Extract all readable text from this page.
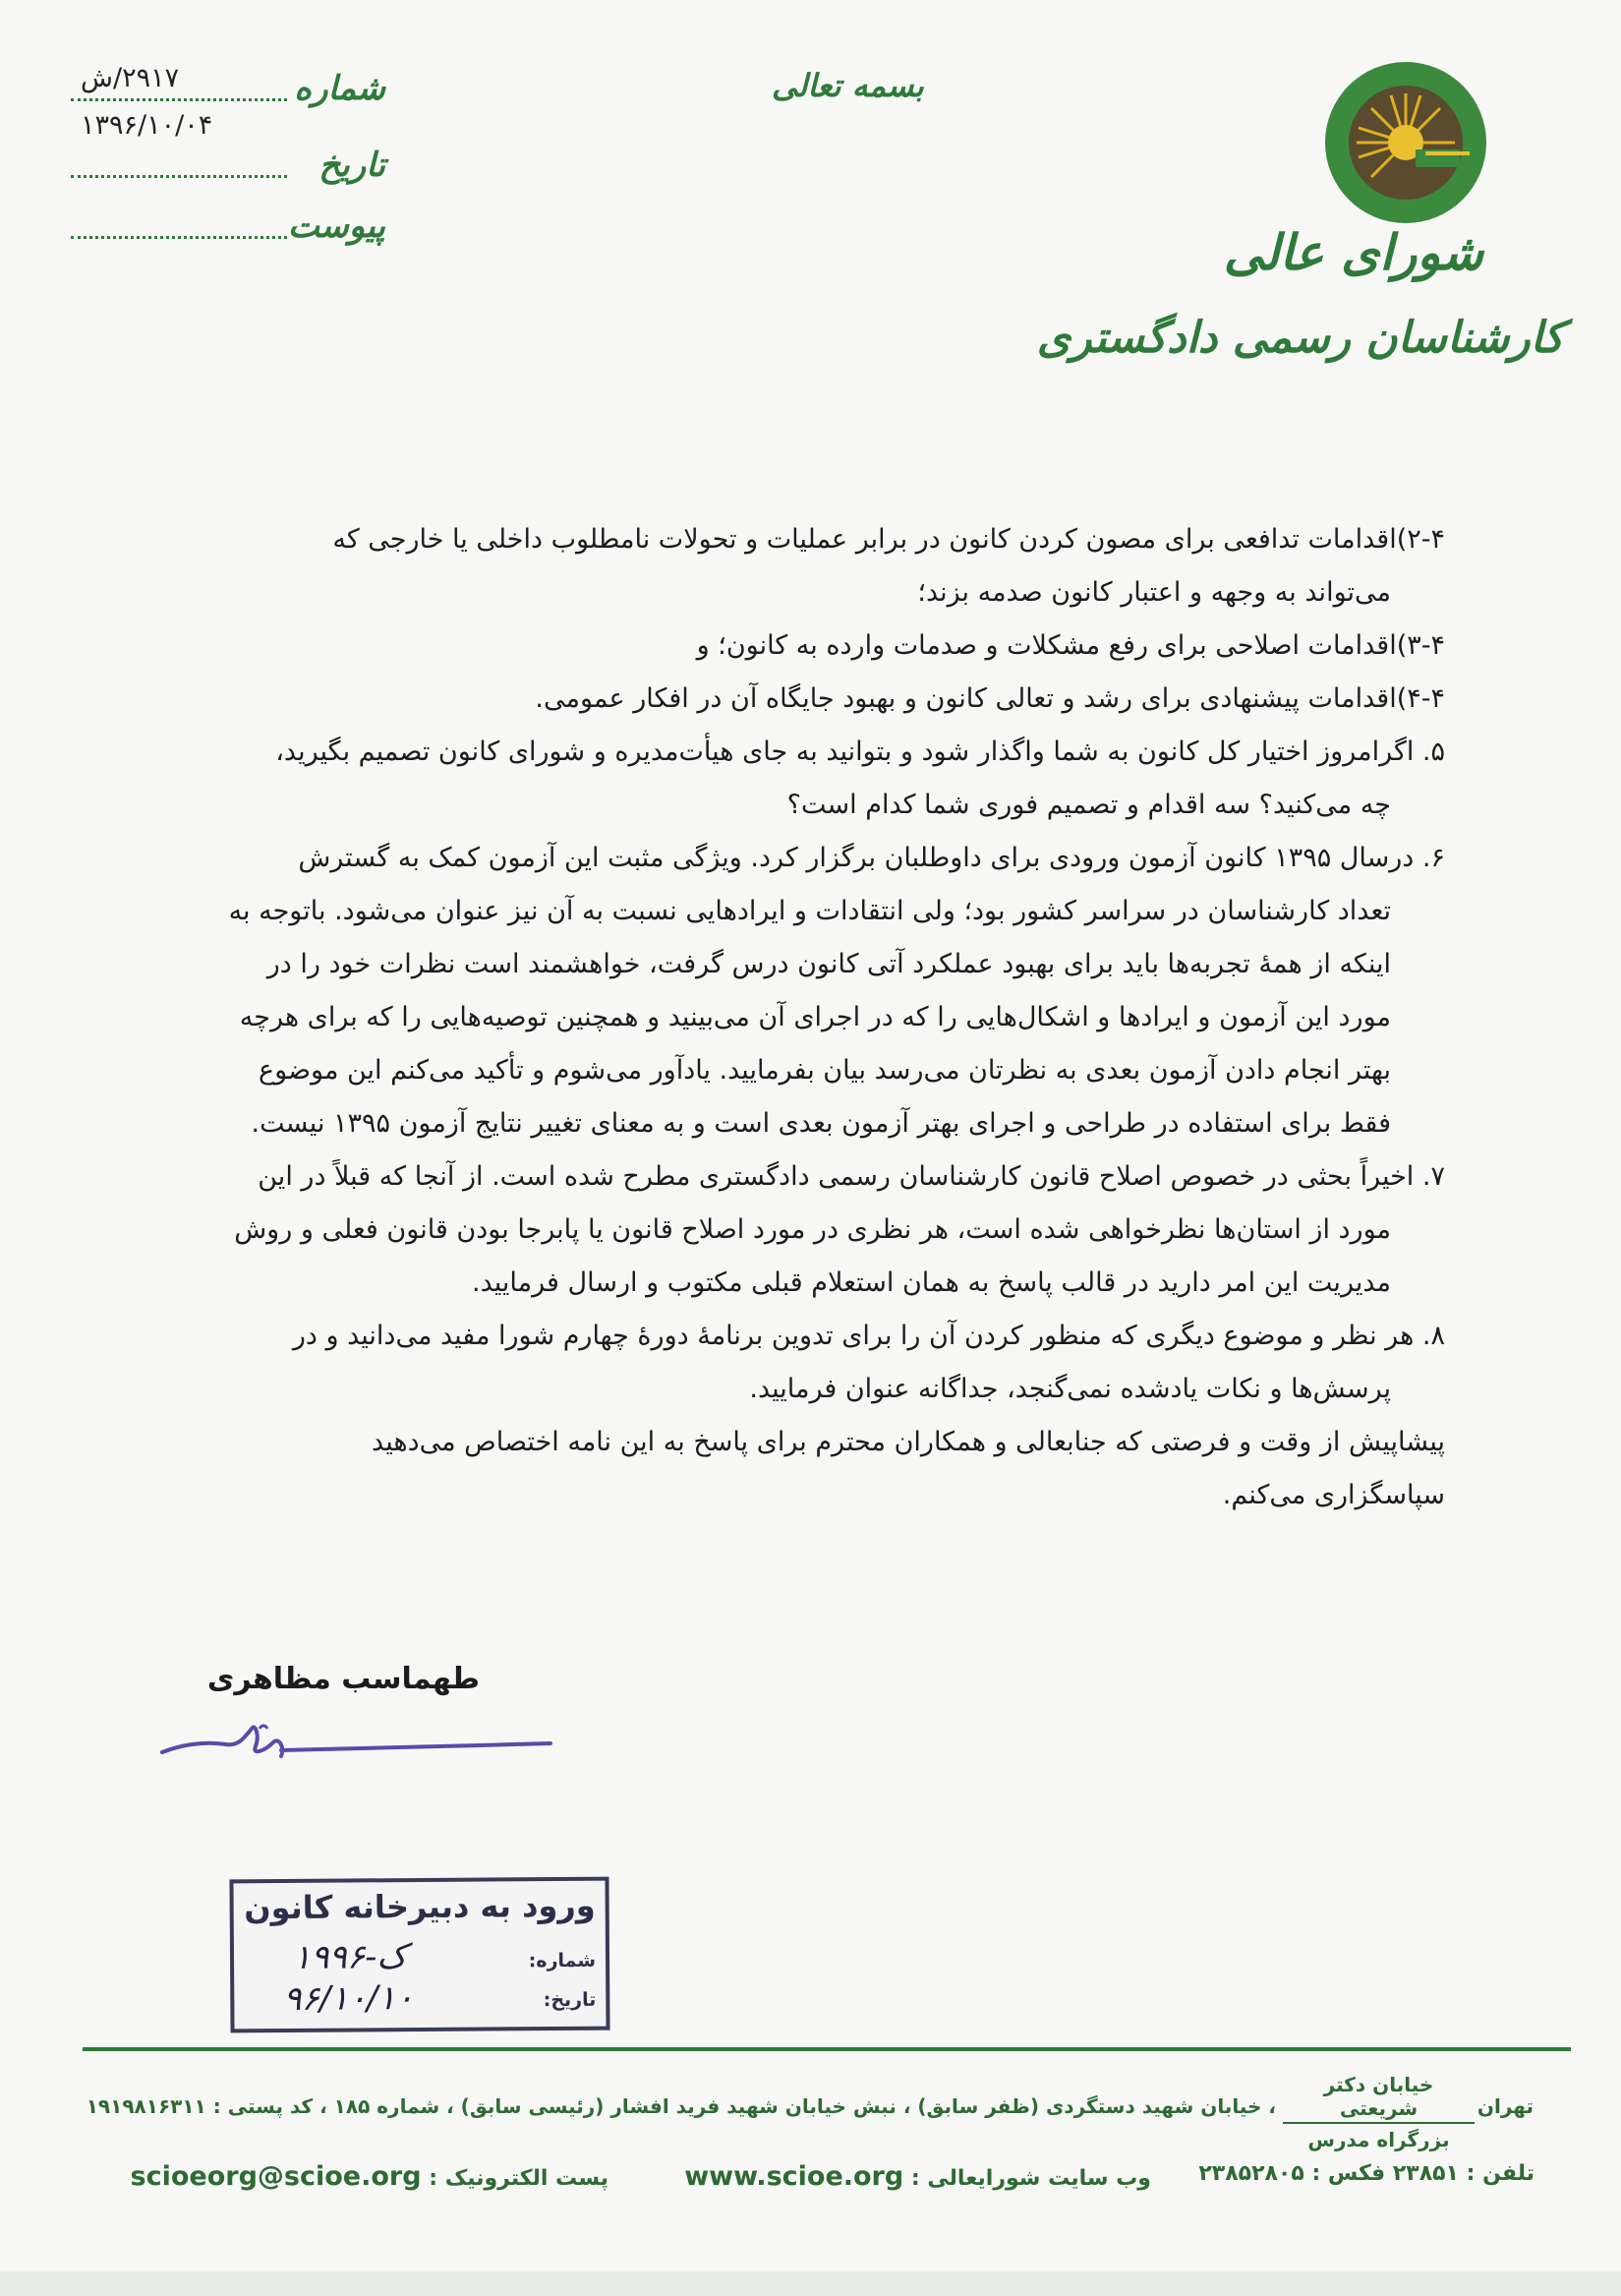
شورای عالی
کارشناسان رسمی دادگستری
بسمه تعالی
شماره
۲۹۱۷/ش
تاریخ
۱۳۹۶/۱۰/۰۴
پیوست

۲-۴)اقدامات تدافعی برای مصون کردن کانون در برابر عملیات و تحولات نامطلوب داخلی یا خارجی که
می‌تواند به وجهه و اعتبار کانون صدمه بزند؛

۳-۴)اقدامات اصلاحی برای رفع مشکلات و صدمات وارده به کانون؛ و

۴-۴)اقدامات پیشنهادی برای رشد و تعالی کانون و بهبود جایگاه آن در افکار عمومی.

۵. اگرامروز اختیار کل کانون به شما واگذار شود و بتوانید به جای هیأت‌مدیره و شورای کانون تصمیم بگیرید،
چه می‌کنید؟ سه اقدام و تصمیم فوری شما کدام است؟

۶. درسال ۱۳۹۵ کانون آزمون ورودی برای داوطلبان برگزار کرد. ویژگی مثبت این آزمون کمک به گسترش
تعداد کارشناسان در سراسر کشور بود؛ ولی انتقادات و ایرادهایی نسبت به آن نیز عنوان می‌شود. باتوجه به
اینکه از همهٔ تجربه‌ها باید برای بهبود عملکرد آتی کانون درس گرفت، خواهشمند است نظرات خود را در
مورد این آزمون و ایرادها و اشکال‌هایی را که در اجرای آن می‌بینید و همچنین توصیه‌هایی را که برای هرچه
بهتر انجام دادن آزمون بعدی به نظرتان می‌رسد بیان بفرمایید. یادآور می‌شوم و تأکید می‌کنم این موضوع
فقط برای استفاده در طراحی و اجرای بهتر آزمون بعدی است و به معنای تغییر نتایج آزمون ۱۳۹۵ نیست.

۷. اخیراً بحثی در خصوص اصلاح قانون کارشناسان رسمی دادگستری مطرح شده است. از آنجا که قبلاً در این
مورد از استان‌ها نظرخواهی شده است، هر نظری در مورد اصلاح قانون یا پابرجا بودن قانون فعلی و روش
مدیریت این امر دارید در قالب پاسخ به همان استعلام قبلی مکتوب و ارسال فرمایید.

۸. هر نظر و موضوع دیگری که منظور کردن آن را برای تدوین برنامهٔ دورهٔ چهارم شورا مفید می‌دانید و در
پرسش‌ها و نکات یادشده نمی‌گنجد، جداگانه عنوان فرمایید.

پیشاپیش از وقت و فرصتی که جنابعالی و همکاران محترم برای پاسخ به این نامه اختصاص می‌دهید
سپاسگزاری می‌کنم.

طهماسب مظاهری
ورود به دبیرخانه کانون
شماره:
۱۹۹۶-ک
تاریخ:
۹۶/۱۰/۱۰
تهران
خیابان دکتر شریعتی
بزرگراه مدرس
، خیابان شهید دستگردی (ظفر سابق) ، نبش خیابان شهید فرید افشار (رئیسی سابق) ، شماره ۱۸۵ ، کد پستی : ۱۹۱۹۸۱۶۳۱۱
تلفن : ۲۳۸۵۱ فکس : ۲۳۸۵۲۸۰۵
وب سایت شورایعالی : www.scioe.org
پست الکترونیک : scioeorg@scioe.org
